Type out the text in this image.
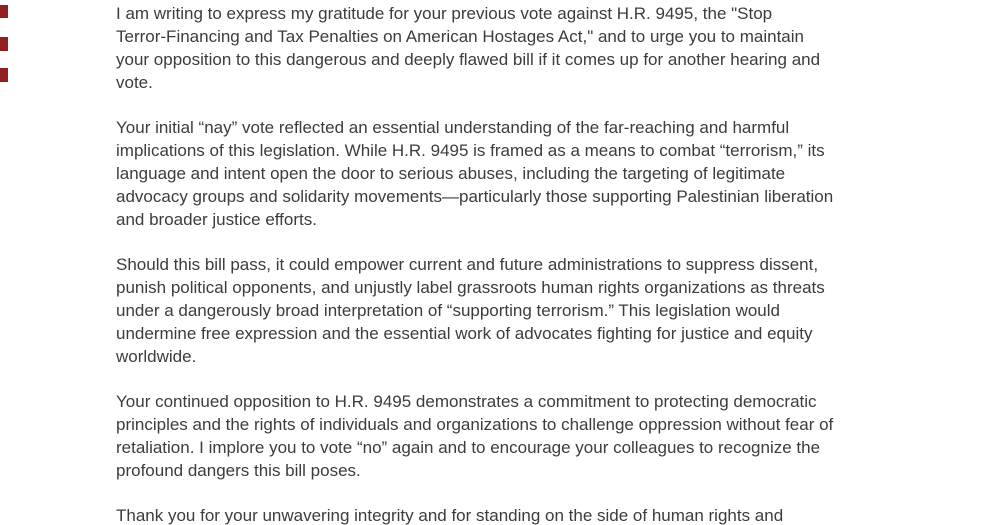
I am writing to express my gratitude for your previous vote against H.R. 9495, the "Stop
Terror-Financing and Tax Penalties on American Hostages Act," and to urge you to maintain
your opposition to this dangerous and deeply flawed bill if it comes up for another hearing and
vote.
Your initial “nay” vote reflected an essential understanding of the far-reaching and harmful
implications of this legislation. While H.R. 9495 is framed as a means to combat “terrorism,” its
language and intent open the door to serious abuses, including the targeting of legitimate
advocacy groups and solidarity movements—particularly those supporting Palestinian liberation
and broader justice efforts.
Should this bill pass, it could empower current and future administrations to suppress dissent,
punish political opponents, and unjustly label grassroots human rights organizations as threats
under a dangerously broad interpretation of “supporting terrorism.” This legislation would
undermine free expression and the essential work of advocates fighting for justice and equity
worldwide.
Your continued opposition to H.R. 9495 demonstrates a commitment to protecting democratic
principles and the rights of individuals and organizations to challenge oppression without fear of
retaliation. I implore you to vote “no” again and to encourage your colleagues to recognize the
profound dangers this bill poses.
Thank you for your unwavering integrity and for standing on the side of human rights and
